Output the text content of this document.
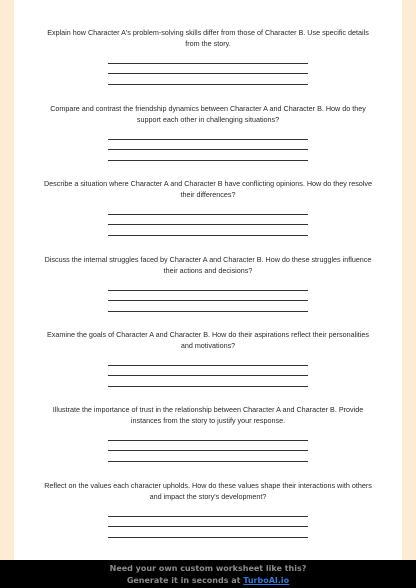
Explain how Character A's problem-solving skills differ from those of Character B. Use specific details from the story.

Compare and contrast the friendship dynamics between Character A and Character B. How do they support each other in challenging situations?

Describe a situation where Character A and Character B have conflicting opinions. How do they resolve their differences?

Discuss the internal struggles faced by Character A and Character B. How do these struggles influence their actions and decisions?

Examine the goals of Character A and Character B. How do their aspirations reflect their personalities and motivations?

Illustrate the importance of trust in the relationship between Character A and Character B. Provide instances from the story to justify your response.

Reflect on the values each character upholds. How do these values shape their interactions with others and impact the story's development?

Need your own custom worksheet like this?
Generate it in seconds at TurboAI.io
